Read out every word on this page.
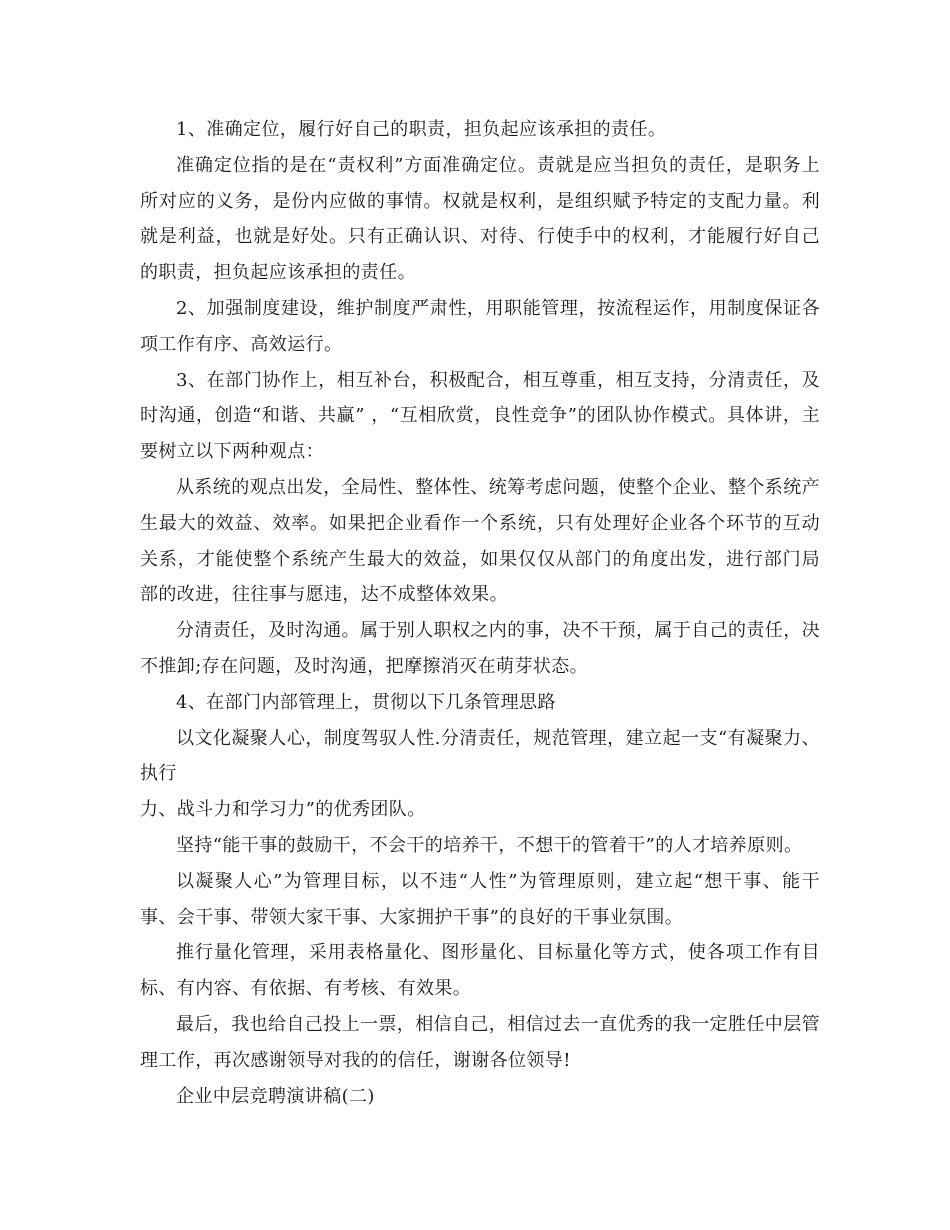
1、准确定位，履行好自己的职责，担负起应该承担的责任。

准确定位指的是在“责权利”方面准确定位。责就是应当担负的责任，是职务上所对应的义务，是份内应做的事情。权就是权利，是组织赋予特定的支配力量。利就是利益，也就是好处。只有正确认识、对待、行使手中的权利，才能履行好自己的职责，担负起应该承担的责任。

2、加强制度建设，维护制度严肃性，用职能管理，按流程运作，用制度保证各项工作有序、高效运行。

3、在部门协作上，相互补台，积极配合，相互尊重，相互支持，分清责任，及时沟通，创造“和谐、共赢” ，“互相欣赏，良性竞争”的团队协作模式。具体讲，主要树立以下两种观点：

从系统的观点出发，全局性、整体性、统筹考虑问题，使整个企业、整个系统产生最大的效益、效率。如果把企业看作一个系统，只有处理好企业各个环节的互动关系，才能使整个系统产生最大的效益，如果仅仅从部门的角度出发，进行部门局部的改进，往往事与愿违，达不成整体效果。

分清责任，及时沟通。属于别人职权之内的事，决不干预，属于自己的责任，决不推卸;存在问题，及时沟通，把摩擦消灭在萌芽状态。

4、在部门内部管理上，贯彻以下几条管理思路

以文化凝聚人心，制度驾驭人性.分清责任，规范管理，建立起一支“有凝聚力、执行

力、战斗力和学习力”的优秀团队。

坚持“能干事的鼓励干，不会干的培养干，不想干的管着干”的人才培养原则。

以凝聚人心”为管理目标，以不违“人性”为管理原则，建立起“想干事、能干事、会干事、带领大家干事、大家拥护干事”的良好的干事业氛围。

推行量化管理，采用表格量化、图形量化、目标量化等方式，使各项工作有目标、有内容、有依据、有考核、有效果。

最后，我也给自己投上一票，相信自己，相信过去一直优秀的我一定胜任中层管理工作，再次感谢领导对我的的信任，谢谢各位领导!

企业中层竞聘演讲稿(二)
